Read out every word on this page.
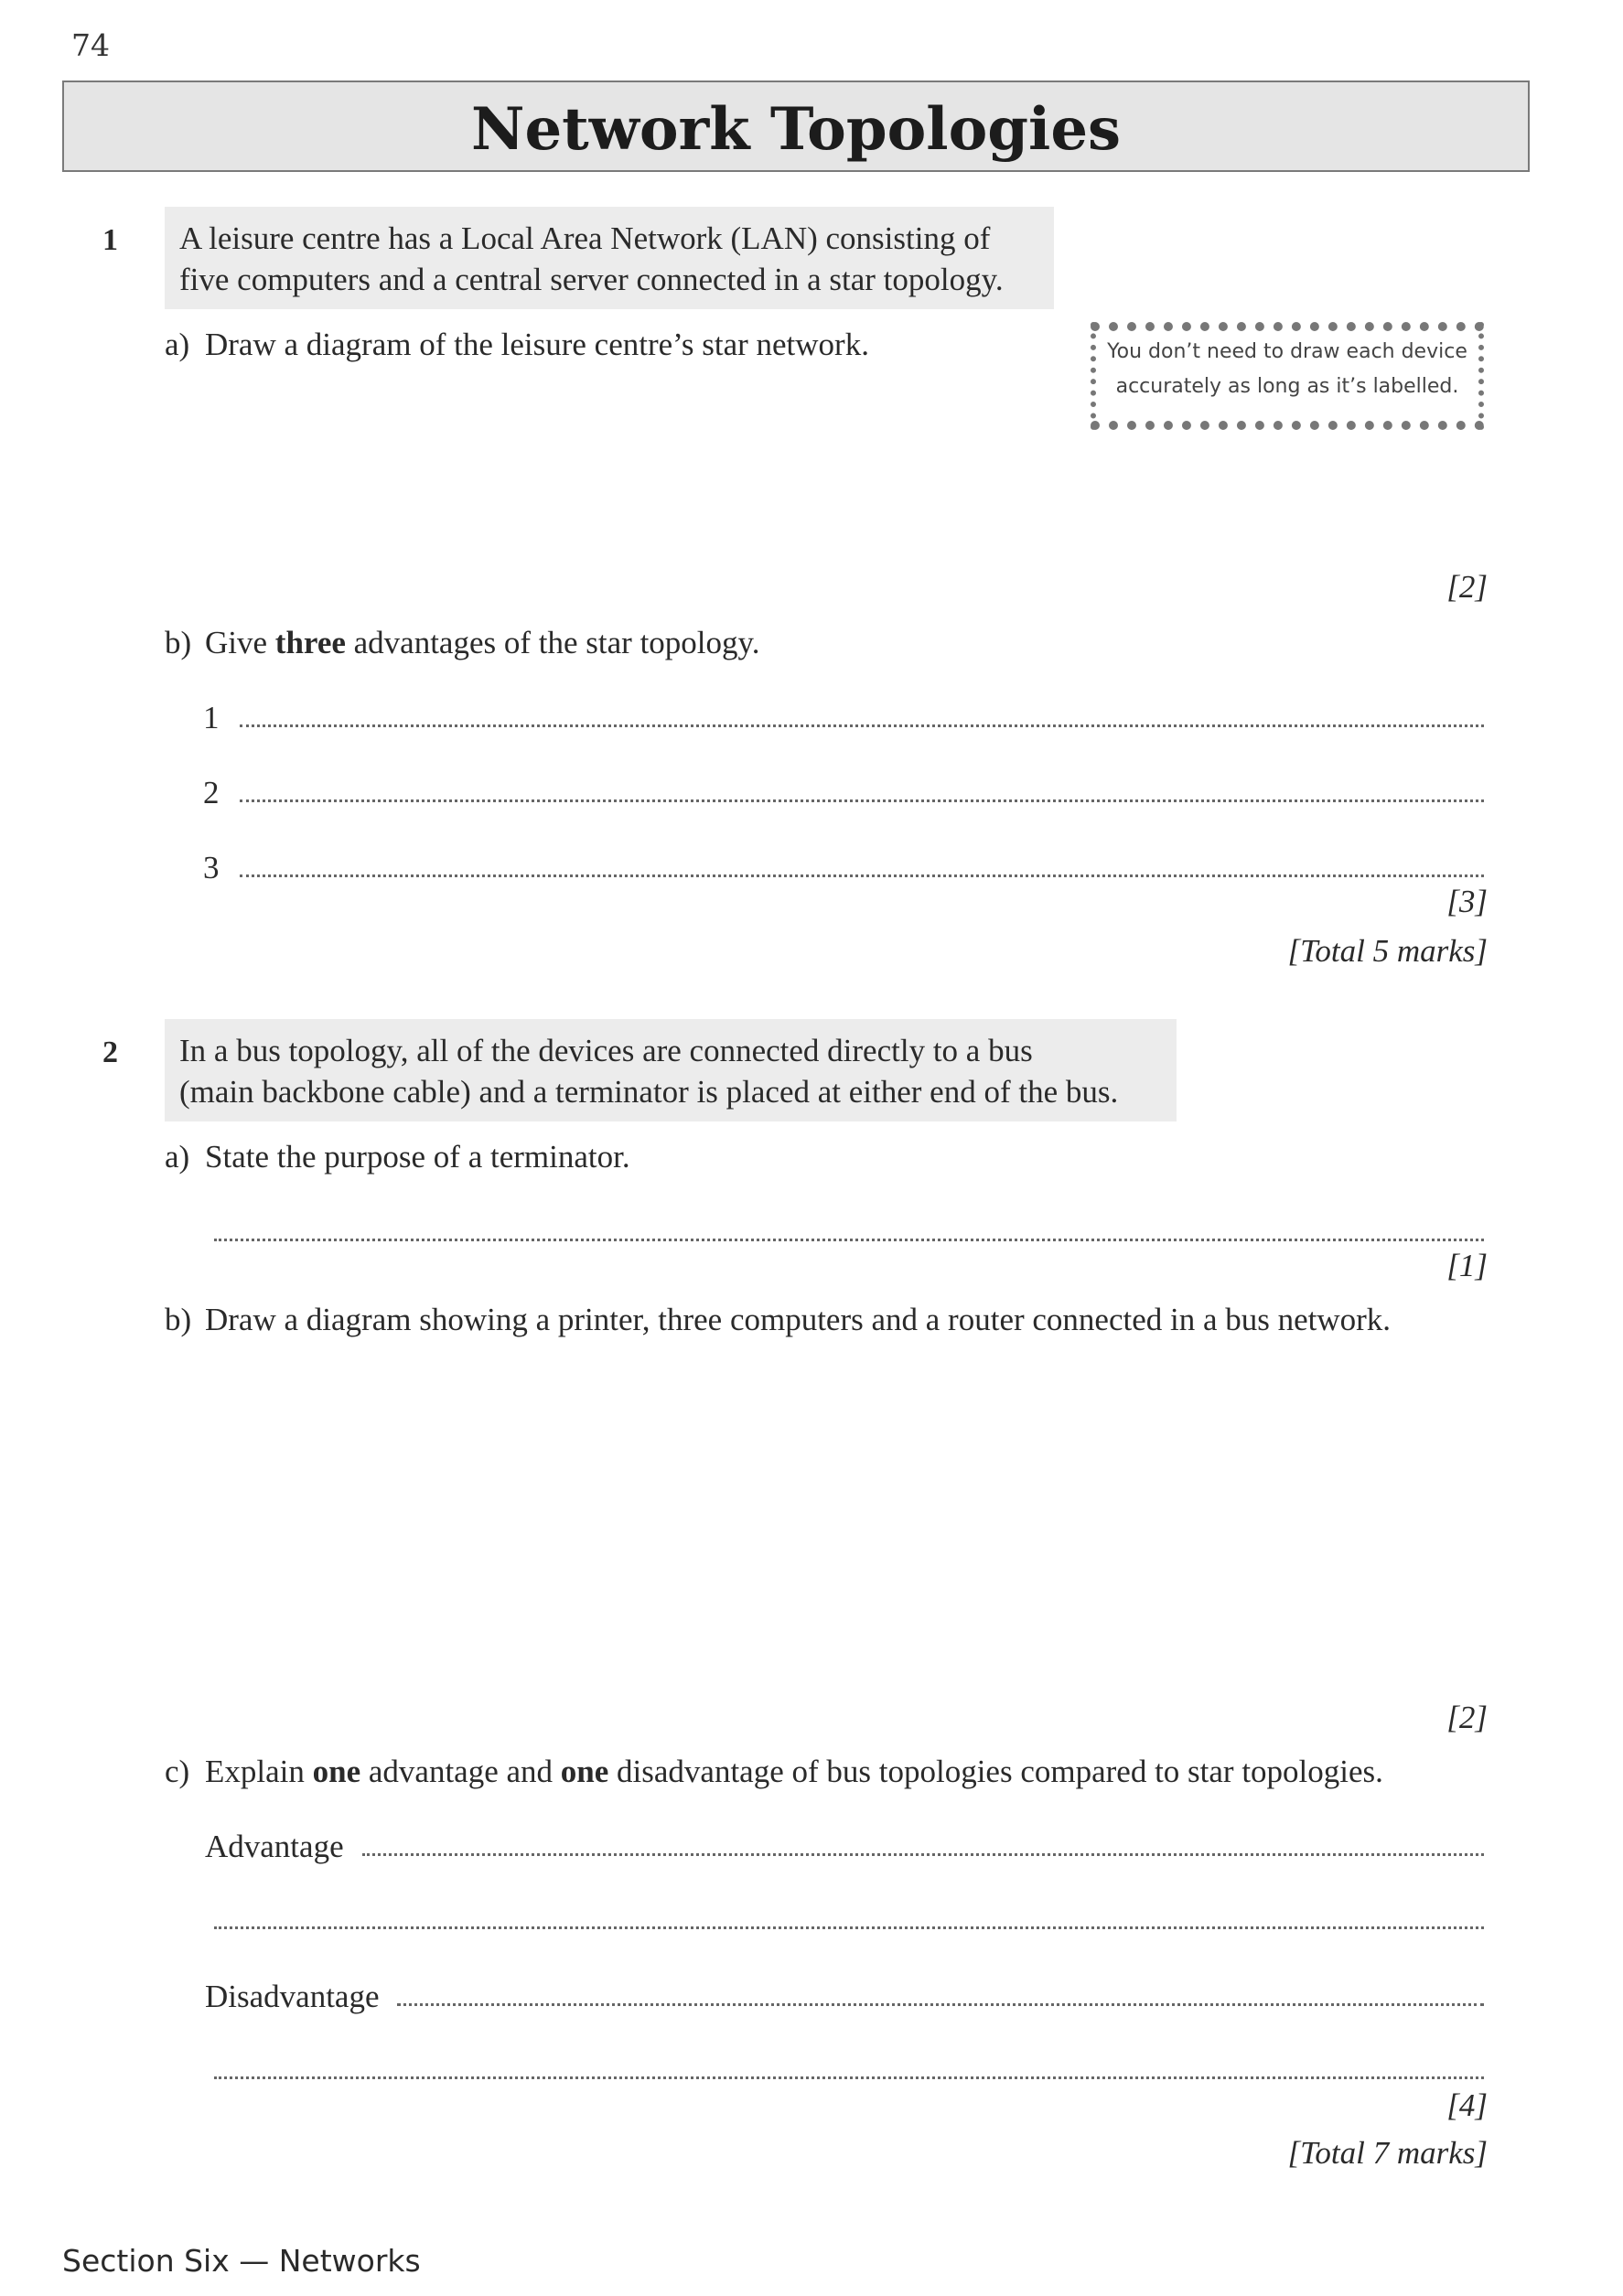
74
Network Topologies
1 A leisure centre has a Local Area Network (LAN) consisting of
five computers and a central server connected in a star topology.
a) Draw a diagram of the leisure centre’s star network.	You don’t need to draw each device
accurately as long as it’s labelled.
[2]
b) Give three advantages of the star topology.
1
2
3
[3]
[Total 5 marks]
2 In a bus topology, all of the devices are connected directly to a bus
(main backbone cable) and a terminator is placed at either end of the bus.
a) State the purpose of a terminator.
[1]
b) Draw a diagram showing a printer, three computers and a router connected in a bus network.
[2]
c) Explain one advantage and one disadvantage of bus topologies compared to star topologies.
Advantage
Disadvantage
[4]
[Total 7 marks]
Section Six — Networks
